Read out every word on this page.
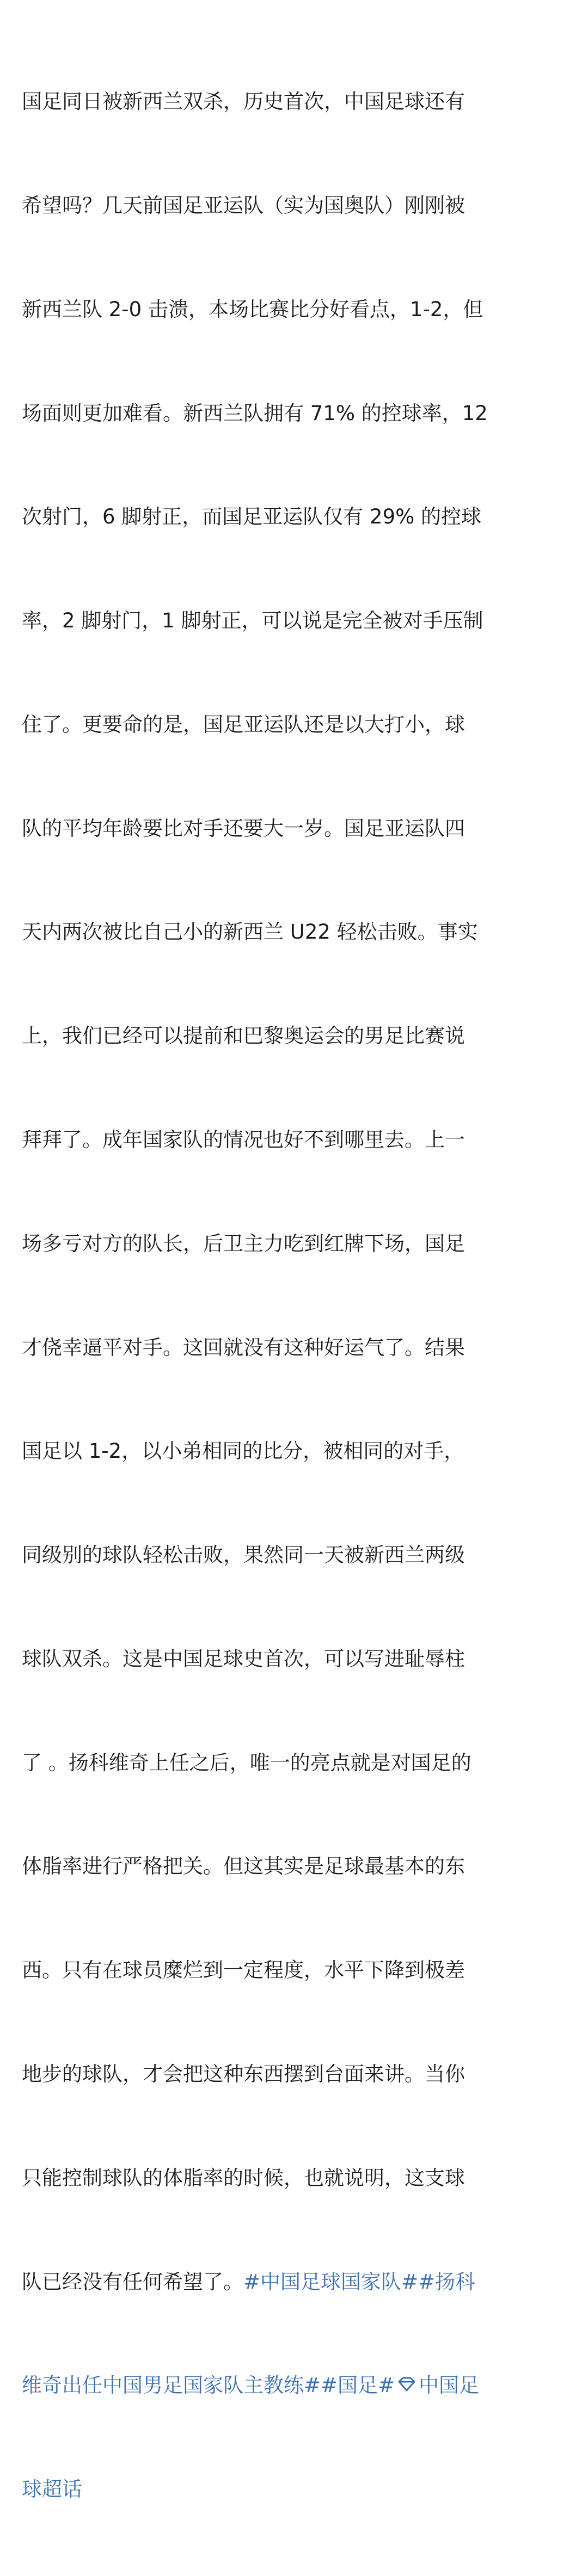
国足同日被新西兰双杀，历史首次，中国足球还有

希望吗？几天前国足亚运队（实为国奥队）刚刚被

新西兰队 2-0 击溃，本场比赛比分好看点，1-2，但

场面则更加难看。新西兰队拥有 71% 的控球率，12

次射门，6 脚射正，而国足亚运队仅有 29% 的控球

率，2 脚射门，1 脚射正，可以说是完全被对手压制

住了。更要命的是，国足亚运队还是以大打小，球

队的平均年龄要比对手还要大一岁。国足亚运队四

天内两次被比自己小的新西兰 U22 轻松击败。事实

上，我们已经可以提前和巴黎奥运会的男足比赛说

拜拜了。成年国家队的情况也好不到哪里去。上一

场多亏对方的队长，后卫主力吃到红牌下场，国足

才侥幸逼平对手。这回就没有这种好运气了。结果

国足以 1-2，以小弟相同的比分，被相同的对手，

同级别的球队轻松击败，果然同一天被新西兰两级

球队双杀。这是中国足球史首次，可以写进耻辱柱

了 。扬科维奇上任之后，唯一的亮点就是对国足的

体脂率进行严格把关。但这其实是足球最基本的东

西。只有在球员糜烂到一定程度，水平下降到极差

地步的球队，才会把这种东西摆到台面来讲。当你

只能控制球队的体脂率的时候，也就说明，这支球

队已经没有任何希望了。#中国足球国家队##扬科

维奇出任中国男足国家队主教练##国足# 中国足

球超话
